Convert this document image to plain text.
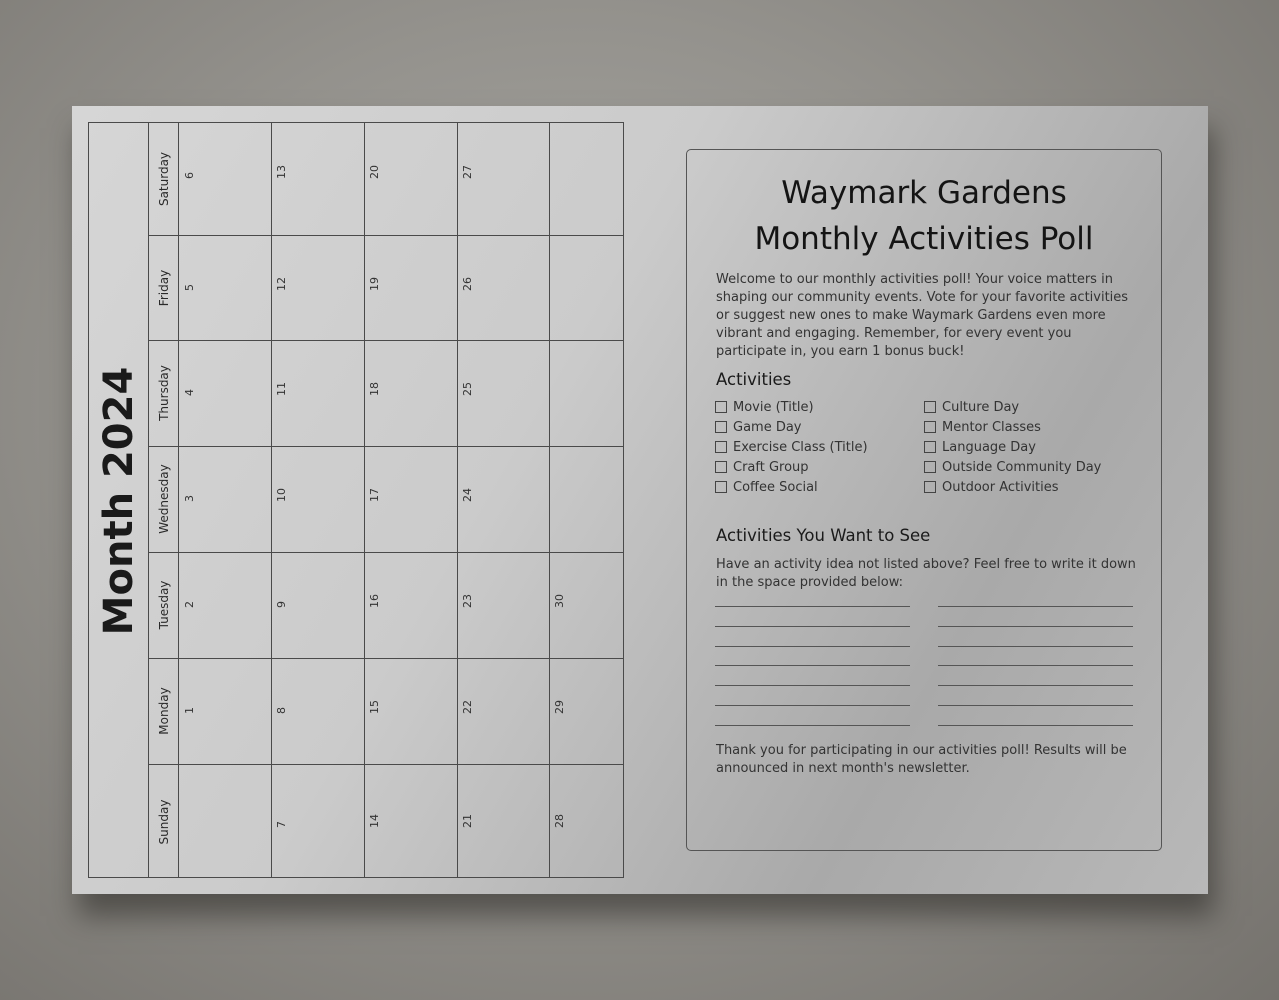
Month 2024
Saturday
Friday
Thursday
Wednesday
Tuesday
Monday
Sunday
6
5
4
3
2
1
13
12
11
10
9
8
7
20
19
18
17
16
15
14
27
26
25
24
23
22
21
30
29
28
Waymark Gardens
Monthly Activities Poll

Welcome to our monthly activities poll! Your voice matters in shaping our community events. Vote for your favorite activities or suggest new ones to make Waymark Gardens even more vibrant and engaging. Remember, for every event you participate in, you earn 1 bonus buck!

Activities

Movie (Title)
Game Day
Exercise Class (Title)
Craft Group
Coffee Social
Culture Day
Mentor Classes
Language Day
Outside Community Day
Outdoor Activities

Activities You Want to See

Have an activity idea not listed above? Feel free to write it down in the space provided below:

Thank you for participating in our activities poll! Results will be announced in next month's newsletter.
